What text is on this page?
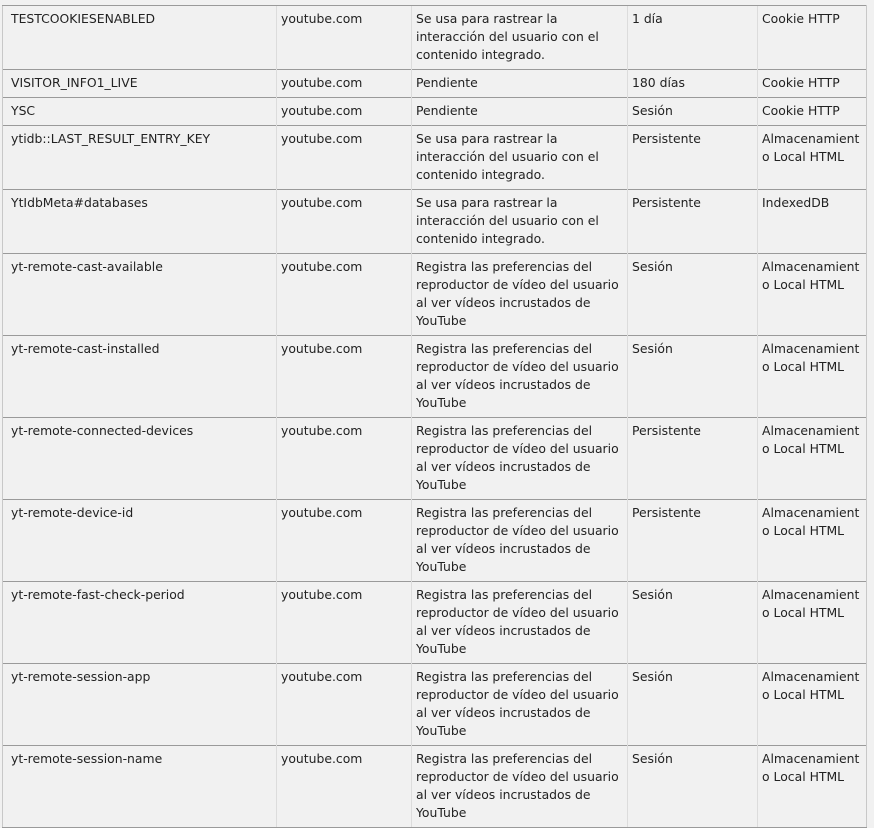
TESTCOOKIESENABLED	youtube.com	Se usa para rastrear la interacción del usuario con el contenido integrado.	1 día	Cookie HTTP
VISITOR_INFO1_LIVE	youtube.com	Pendiente	180 días	Cookie HTTP
YSC	youtube.com	Pendiente	Sesión	Cookie HTTP
ytidb::LAST_RESULT_ENTRY_KEY	youtube.com	Se usa para rastrear la interacción del usuario con el contenido integrado.	Persistente	Almacenamiento Local HTML
YtIdbMeta#databases	youtube.com	Se usa para rastrear la interacción del usuario con el contenido integrado.	Persistente	IndexedDB
yt-remote-cast-available	youtube.com	Registra las preferencias del reproductor de vídeo del usuario al ver vídeos incrustados de YouTube	Sesión	Almacenamiento Local HTML
yt-remote-cast-installed	youtube.com	Registra las preferencias del reproductor de vídeo del usuario al ver vídeos incrustados de YouTube	Sesión	Almacenamiento Local HTML
yt-remote-connected-devices	youtube.com	Registra las preferencias del reproductor de vídeo del usuario al ver vídeos incrustados de YouTube	Persistente	Almacenamiento Local HTML
yt-remote-device-id	youtube.com	Registra las preferencias del reproductor de vídeo del usuario al ver vídeos incrustados de YouTube	Persistente	Almacenamiento Local HTML
yt-remote-fast-check-period	youtube.com	Registra las preferencias del reproductor de vídeo del usuario al ver vídeos incrustados de YouTube	Sesión	Almacenamiento Local HTML
yt-remote-session-app	youtube.com	Registra las preferencias del reproductor de vídeo del usuario al ver vídeos incrustados de YouTube	Sesión	Almacenamiento Local HTML
yt-remote-session-name	youtube.com	Registra las preferencias del reproductor de vídeo del usuario al ver vídeos incrustados de YouTube	Sesión	Almacenamiento Local HTML
